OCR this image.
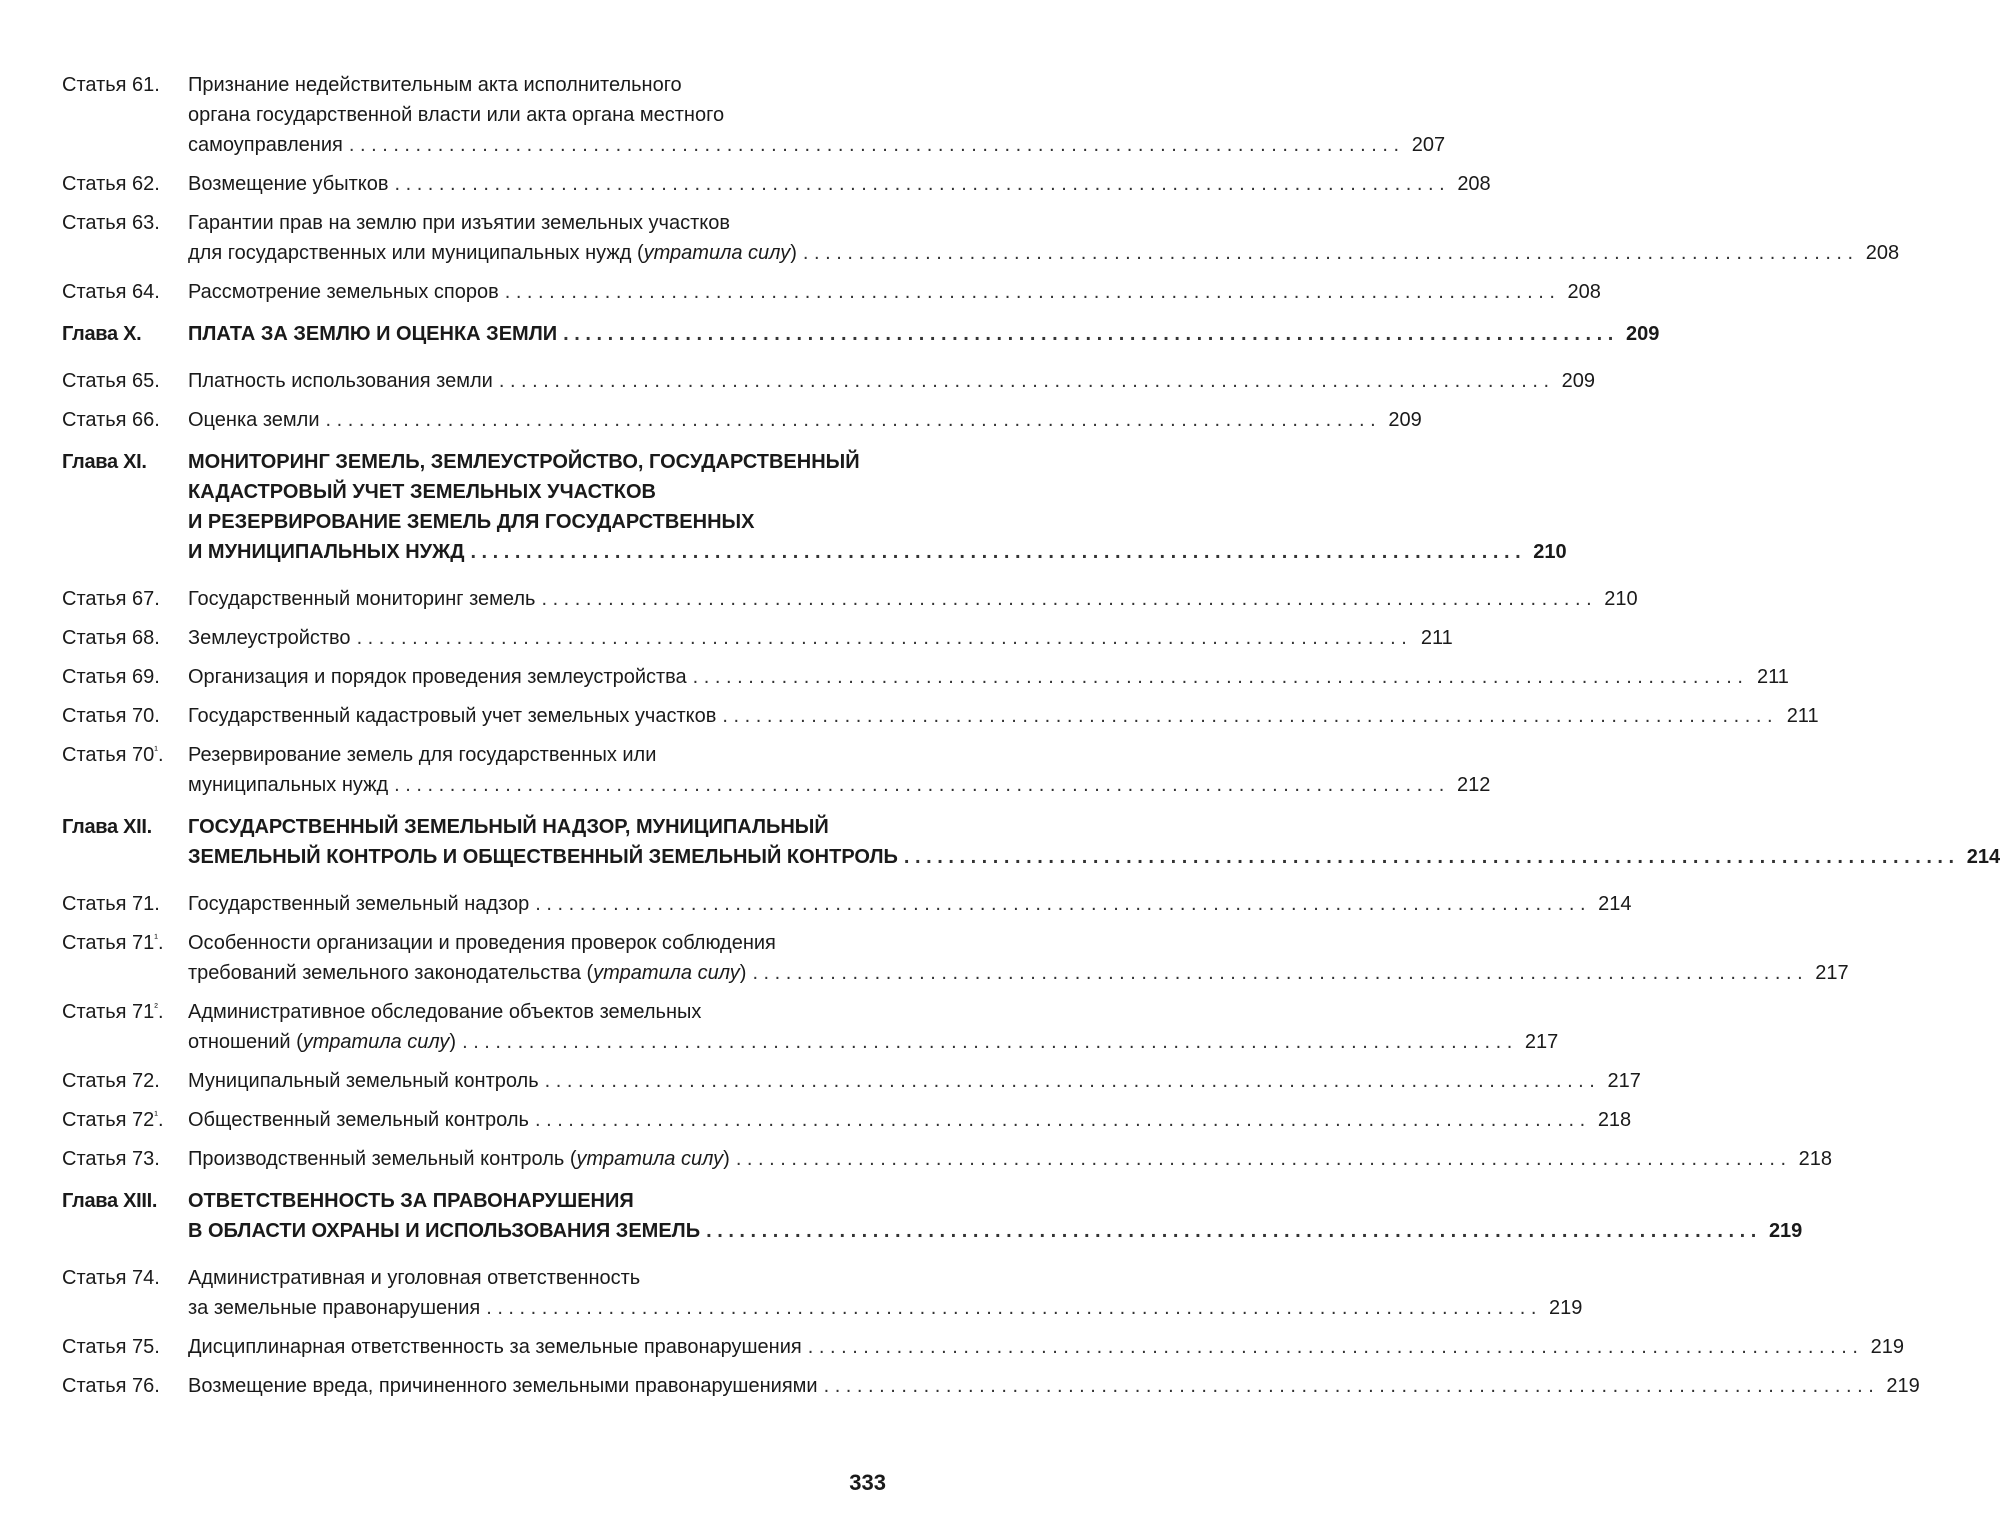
Статья 61.	Признание недействительным акта исполнительного
органа государственной власти или акта органа местного
самоуправления . . .	207
Статья 62.	Возмещение убытков . . .	208
Статья 63.	Гарантии прав на землю при изъятии земельных участков
для государственных или муниципальных нужд (утратила силу) . . .	208
Статья 64.	Рассмотрение земельных споров . . .	208
Глава X.	ПЛАТА ЗА ЗЕМЛЮ И ОЦЕНКА ЗЕМЛИ . . .	209
Статья 65.	Платность использования земли . . .	209
Статья 66.	Оценка земли . . .	209
Глава XI.	МОНИТОРИНГ ЗЕМЕЛЬ, ЗЕМЛЕУСТРОЙСТВО, ГОСУДАРСТВЕННЫЙ
КАДАСТРОВЫЙ УЧЕТ ЗЕМЕЛЬНЫХ УЧАСТКОВ
И РЕЗЕРВИРОВАНИЕ ЗЕМЕЛЬ ДЛЯ ГОСУДАРСТВЕННЫХ
И МУНИЦИПАЛЬНЫХ НУЖД . . .	210
Статья 67.	Государственный мониторинг земель . . .	210
Статья 68.	Землеустройство . . .	211
Статья 69.	Организация и порядок проведения землеустройства . . .	211
Статья 70.	Государственный кадастровый учет земельных участков . . .	211
Статья $70^{^1}$.	Резервирование земель для государственных или
муниципальных нужд . . .	212
Глава XII.	ГОСУДАРСТВЕННЫЙ ЗЕМЕЛЬНЫЙ НАДЗОР, МУНИЦИПАЛЬНЫЙ
ЗЕМЕЛЬНЫЙ КОНТРОЛЬ И ОБЩЕСТВЕННЫЙ ЗЕМЕЛЬНЫЙ КОНТРОЛЬ . . .	214
Статья 71.	Государственный земельный надзор . . .	214
Статья $71^{^1}$.	Особенности организации и проведения проверок соблюдения
требований земельного законодательства (утратила силу) . . .	217
Статья $71^{^2}$.	Административное обследование объектов земельных
отношений (утратила силу) . . .	217
Статья 72.	Муниципальный земельный контроль . . .	217
Статья $72^{^1}$.	Общественный земельный контроль . . .	218
Статья 73.	Производственный земельный контроль (утратила силу) . . .	218
Глава XIII.	ОТВЕТСТВЕННОСТЬ ЗА ПРАВОНАРУШЕНИЯ
В ОБЛАСТИ ОХРАНЫ И ИСПОЛЬЗОВАНИЯ ЗЕМЕЛЬ . . .	219
Статья 74.	Административная и уголовная ответственность
за земельные правонарушения . . .	219
Статья 75.	Дисциплинарная ответственность за земельные правонарушения . . .	219
Статья 76.	Возмещение вреда, причиненного земельными правонарушениями . . .	219
333
